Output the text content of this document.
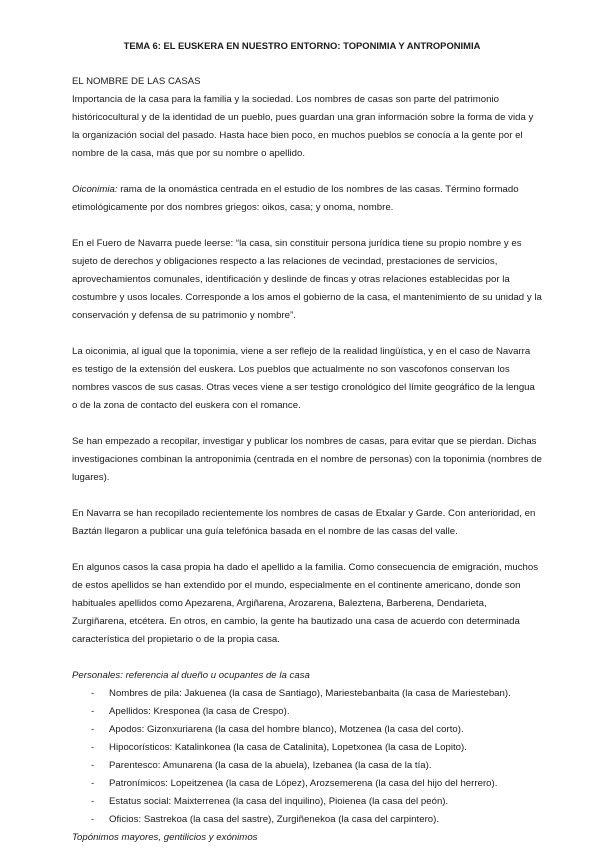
TEMA 6: EL EUSKERA EN NUESTRO ENTORNO: TOPONIMIA Y ANTROPONIMIA

EL NOMBRE DE LAS CASAS

Importancia de la casa para la familia y la sociedad. Los nombres de casas son parte del patrimonio históricocultural y de la identidad de un pueblo, pues guardan una gran información sobre la forma de vida y la organización social del pasado. Hasta hace bien poco, en muchos pueblos se conocía a la gente por el nombre de la casa, más que por su nombre o apellido.

Oiconimia: rama de la onomástica centrada en el estudio de los nombres de las casas. Término formado etimológicamente por dos nombres griegos: oikos, casa; y onoma, nombre.

En el Fuero de Navarra puede leerse: “la casa, sin constituir persona jurídica tiene su propio nombre y es sujeto de derechos y obligaciones respecto a las relaciones de vecindad, prestaciones de servicios, aprovechamientos comunales, identificación y deslinde de fincas y otras relaciones establecidas por la costumbre y usos locales. Corresponde a los amos el gobierno de la casa, el mantenimiento de su unidad y la conservación y defensa de su patrimonio y nombre”.

La oiconimia, al igual que la toponimia, viene a ser reflejo de la realidad lingüística, y en el caso de Navarra es testigo de la extensión del euskera. Los pueblos que actualmente no son vascofonos conservan los nombres vascos de sus casas. Otras veces viene a ser testigo cronológico del límite geográfico de la lengua o de la zona de contacto del euskera con el romance.

Se han empezado a recopilar, investigar y publicar los nombres de casas, para evitar que se pierdan. Dichas investigaciones combinan la antroponimia (centrada en el nombre de personas) con la toponimia (nombres de lugares).

En Navarra se han recopilado recientemente los nombres de casas de Etxalar y Garde. Con anterioridad, en Baztán llegaron a publicar una guía telefónica basada en el nombre de las casas del valle.

En algunos casos la casa propia ha dado el apellido a la familia. Como consecuencia de emigración, muchos de estos apellidos se han extendido por el mundo, especialmente en el continente americano, donde son habituales apellidos como Apezarena, Argiñarena, Arozarena, Baleztena, Barberena, Dendarieta, Zurgiñarena, etcétera. En otros, en cambio, la gente ha bautizado una casa de acuerdo con determinada característica del propietario o de la propia casa.

Personales: referencia al dueño u ocupantes de la casa

- Nombres de pila: Jakuenea (la casa de Santiago), Mariestebanbaita (la casa de Mariesteban).
- Apellidos: Kresponea (la casa de Crespo).
- Apodos: Gizonxuriarena (la casa del hombre blanco), Motzenea (la casa del corto).
- Hipocorísticos: Katalinkonea (la casa de Catalinita), Lopetxonea (la casa de Lopito).
- Parentesco: Amunarena (la casa de la abuela), Izebanea (la casa de la tía).
- Patronímicos: Lopeitzenea (la casa de López), Arozsemerena (la casa del hijo del herrero).
- Estatus social: Maixterrenea (la casa del inquilino), Pioienea (la casa del peón).
- Oficios: Sastrekoa (la casa del sastre), Zurgiñenekoa (la casa del carpintero).

Topónimos mayores, gentilicios y exónimos
